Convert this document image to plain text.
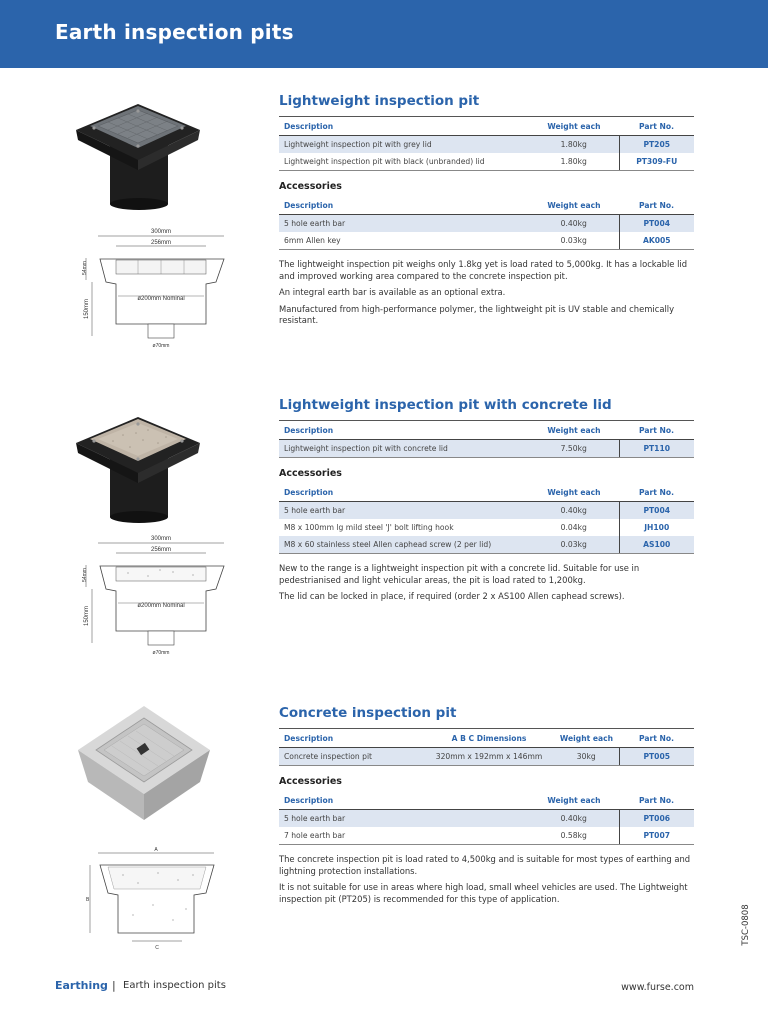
Earth inspection pits
300mm
256mm
54mm
150mm	ø200mm Nominal
ø70mm
Lightweight inspection pit
Description	Weight each	Part No.
Lightweight inspection pit with grey lid	1.80kg	PT205
Lightweight inspection pit with black (unbranded) lid	1.80kg	PT309-FU
Accessories
Description	Weight each	Part No.
5 hole earth bar	0.40kg	PT004
6mm Allen key	0.03kg	AK005

The lightweight inspection pit weighs only 1.8kg yet is load rated to 5,000kg. It has a lockable lid and improved working area compared to the concrete inspection pit.

An integral earth bar is available as an optional extra.

Manufactured from high-performance polymer, the lightweight pit is UV stable and chemically resistant.

300mm
256mm
54mm
150mm	ø200mm Nominal
ø70mm
Lightweight inspection pit with concrete lid
Description	Weight each	Part No.
Lightweight inspection pit with concrete lid	7.50kg	PT110
Accessories
Description	Weight each	Part No.
5 hole earth bar	0.40kg	PT004
M8 x 100mm lg mild steel 'J' bolt lifting hook	0.04kg	JH100
M8 x 60 stainless steel Allen caphead screw (2 per lid)	0.03kg	AS100

New to the range is a lightweight inspection pit with a concrete lid. Suitable for use in pedestrianised and light vehicular areas, the pit is load rated to 1,200kg.

The lid can be locked in place, if required (order 2 x AS100 Allen caphead screws).

A
B
C
Concrete inspection pit
Description	A B C Dimensions	Weight each	Part No.
Concrete inspection pit	320mm x 192mm x 146mm	30kg	PT005
Accessories
Description	Weight each	Part No.
5 hole earth bar	0.40kg	PT006
7 hole earth bar	0.58kg	PT007

The concrete inspection pit is load rated to 4,500kg and is suitable for most types of earthing and lightning protection installations.

It is not suitable for use in areas where high load, small wheel vehicles are used. The Lightweight inspection pit (PT205) is recommended for this type of application.

TSC-0808
Earthing | Earth inspection pits	www.furse.com
